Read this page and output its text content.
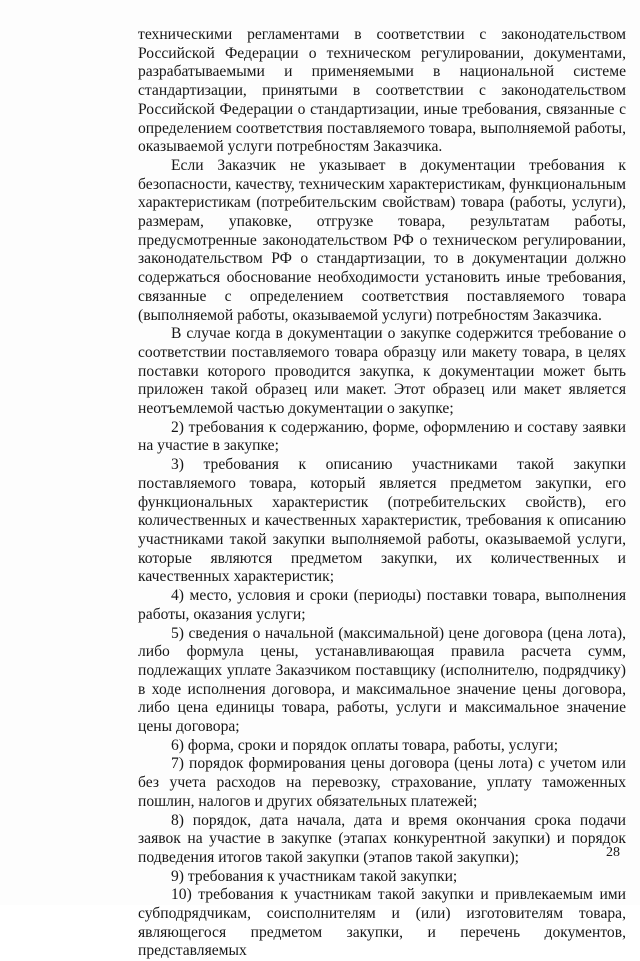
техническими регламентами в соответствии с законодательством Российской Федерации о техническом регулировании, документами, разрабатываемыми и применяемыми в национальной системе стандартизации, принятыми в соответствии с законодательством Российской Федерации о стандартизации, иные требования, связанные с определением соответствия поставляемого товара, выполняемой работы, оказываемой услуги потребностям Заказчика.

Если Заказчик не указывает в документации требования к безопасности, качеству, техническим характеристикам, функциональным характеристикам (потребительским свойствам) товара (работы, услуги), размерам, упаковке, отгрузке товара, результатам работы, предусмотренные законодательством РФ о техническом регулировании, законодательством РФ о стандартизации, то в документации должно содержаться обоснование необходимости установить иные требования, связанные с определением соответствия поставляемого товара (выполняемой работы, оказываемой услуги) потребностям Заказчика.

В случае когда в документации о закупке содержится требование о соответствии поставляемого товара образцу или макету товара, в целях поставки которого проводится закупка, к документации может быть приложен такой образец или макет. Этот образец или макет является неотъемлемой частью документации о закупке;

2) требования к содержанию, форме, оформлению и составу заявки на участие в закупке;

3) требования к описанию участниками такой закупки поставляемого товара, который является предметом закупки, его функциональных характеристик (потребительских свойств), его количественных и качественных характеристик, требования к описанию участниками такой закупки выполняемой работы, оказываемой услуги, которые являются предметом закупки, их количественных и качественных характеристик;

4) место, условия и сроки (периоды) поставки товара, выполнения работы, оказания услуги;

5) сведения о начальной (максимальной) цене договора (цена лота), либо формула цены, устанавливающая правила расчета сумм, подлежащих уплате Заказчиком поставщику (исполнителю, подрядчику) в ходе исполнения договора, и максимальное значение цены договора, либо цена единицы товара, работы, услуги и максимальное значение цены договора;

6) форма, сроки и порядок оплаты товара, работы, услуги;

7) порядок формирования цены договора (цены лота) с учетом или без учета расходов на перевозку, страхование, уплату таможенных пошлин, налогов и других обязательных платежей;

8) порядок, дата начала, дата и время окончания срока подачи заявок на участие в закупке (этапах конкурентной закупки) и порядок подведения итогов такой закупки (этапов такой закупки);

9) требования к участникам такой закупки;

10) требования к участникам такой закупки и привлекаемым ими субподрядчикам, соисполнителям и (или) изготовителям товара, являющегося предметом закупки, и перечень документов, представляемых

28
